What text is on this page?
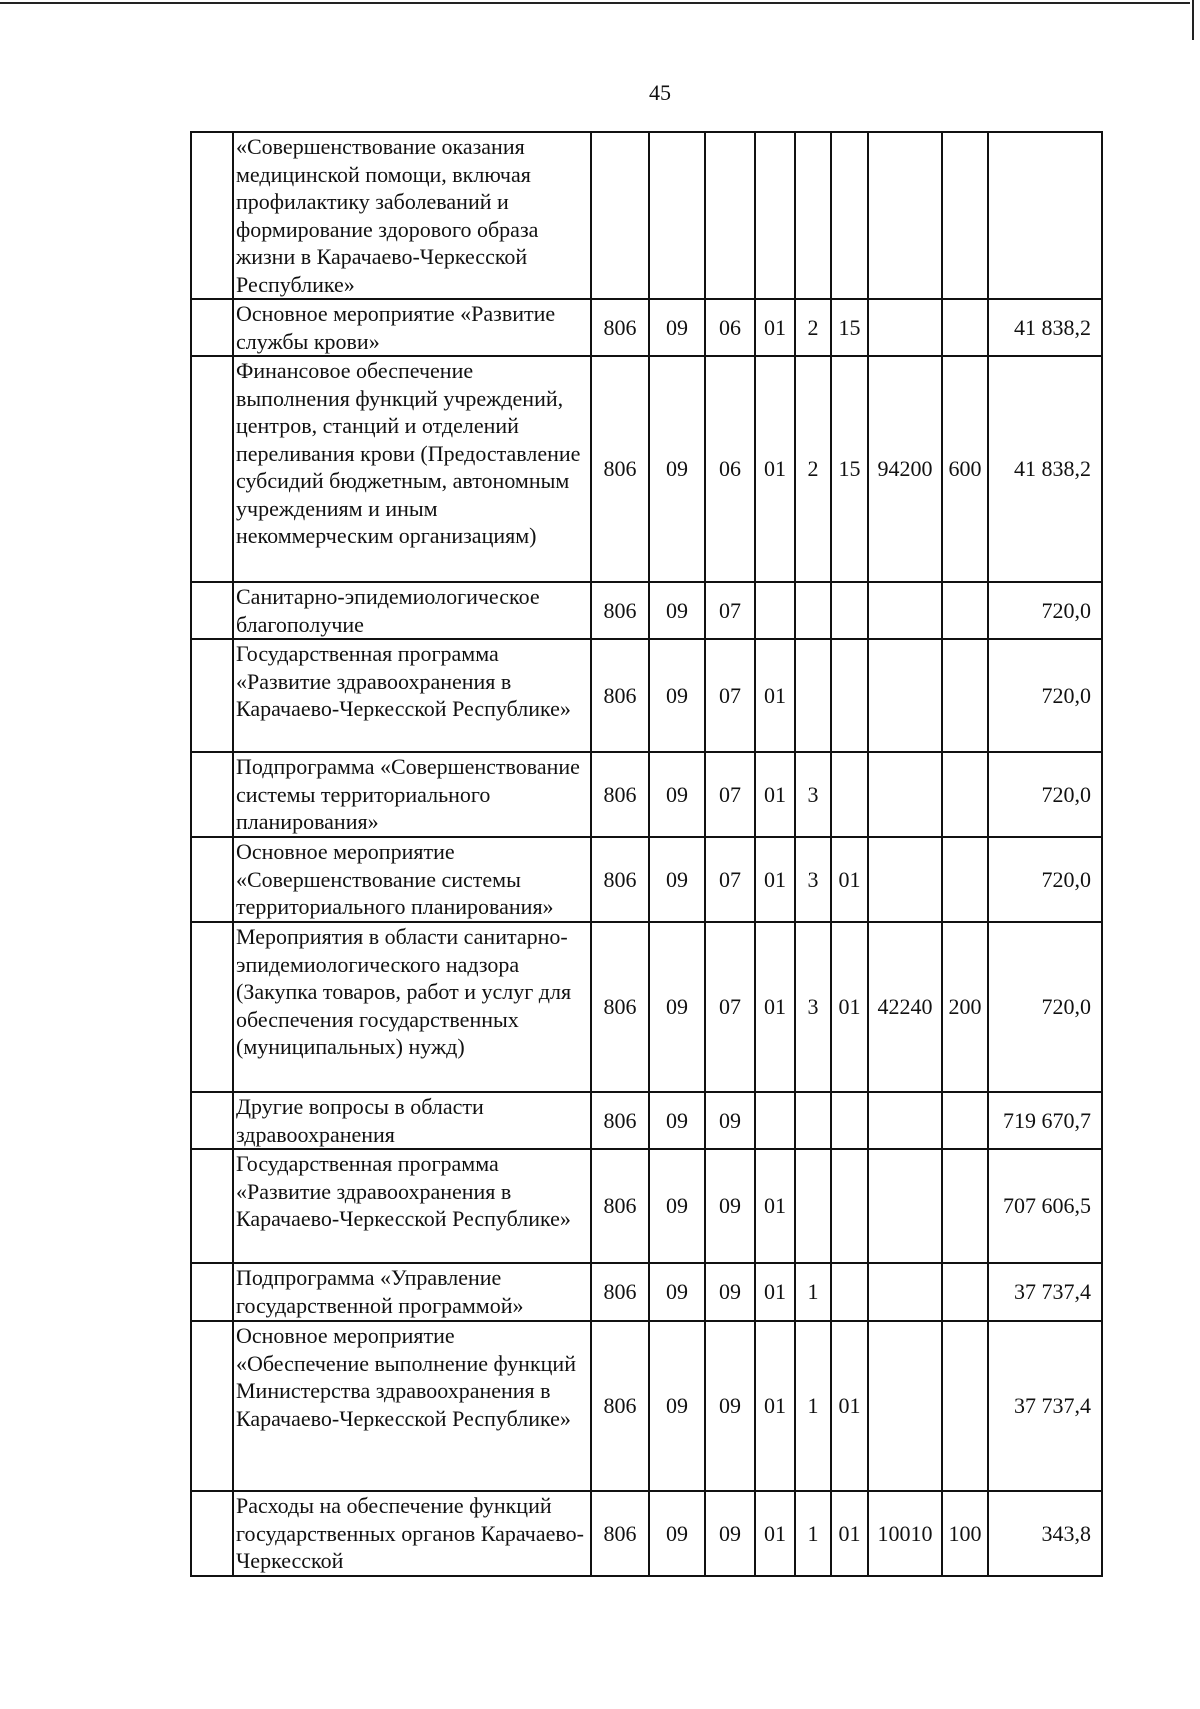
45
	«Совершенствование оказания медицинской помощи, включая профилактику заболеваний и формирование здорового образа жизни в Карачаево-Черкесской Республике»									
	Основное мероприятие «Развитие службы крови»	806	09	06	01	2	15			41 838,2
	Финансовое обеспечение выполнения функций учреждений, центров, станций и отделений переливания крови (Предоставление субсидий бюджетным, автономным учреждениям и иным некоммерческим организациям)	806	09	06	01	2	15	94200	600	41 838,2
	Санитарно-эпидемиологическое благополучие	806	09	07						720,0
	Государственная программа «Развитие здравоохранения в Карачаево-Черкесской Республике»	806	09	07	01					720,0
	Подпрограмма «Совершенствование системы территориального планирования»	806	09	07	01	3				720,0
	Основное мероприятие «Совершенствование системы территориального планирования»	806	09	07	01	3	01			720,0
	Мероприятия в области санитарно-эпидемиологического надзора (Закупка товаров, работ и услуг для обеспечения государственных (муниципальных) нужд)	806	09	07	01	3	01	42240	200	720,0
	Другие вопросы в области здравоохранения	806	09	09						719 670,7
	Государственная программа «Развитие здравоохранения в Карачаево-Черкесской Республике»	806	09	09	01					707 606,5
	Подпрограмма «Управление государственной программой»	806	09	09	01	1				37 737,4
	Основное мероприятие «Обеспечение выполнение функций Министерства здравоохранения в Карачаево-Черкесской Республике»	806	09	09	01	1	01			37 737,4
	Расходы на обеспечение функций государственных органов Карачаево-Черкесской	806	09	09	01	1	01	10010	100	343,8
